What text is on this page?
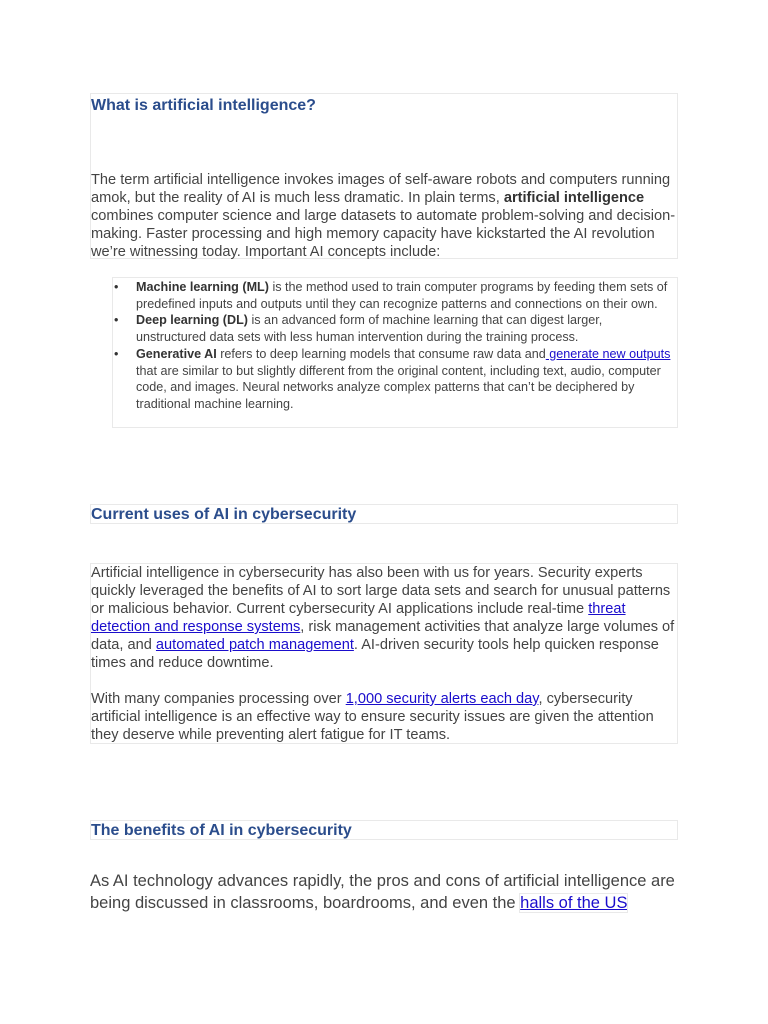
What is artificial intelligence?

The term artificial intelligence invokes images of self-aware robots and computers running amok, but the reality of AI is much less dramatic. In plain terms, artificial intelligence combines computer science and large datasets to automate problem-solving and decision-making. Faster processing and high memory capacity have kickstarted the AI revolution we’re witnessing today. Important AI concepts include:

• Machine learning (ML) is the method used to train computer programs by feeding them sets of predefined inputs and outputs until they can recognize patterns and connections on their own.
• Deep learning (DL) is an advanced form of machine learning that can digest larger, unstructured data sets with less human intervention during the training process.
• Generative AI refers to deep learning models that consume raw data and generate new outputs that are similar to but slightly different from the original content, including text, audio, computer code, and images. Neural networks analyze complex patterns that can’t be deciphered by traditional machine learning.
Current uses of AI in cybersecurity

Artificial intelligence in cybersecurity has also been with us for years. Security experts quickly leveraged the benefits of AI to sort large data sets and search for unusual patterns or malicious behavior. Current cybersecurity AI applications include real-time threat detection and response systems, risk management activities that analyze large volumes of data, and automated patch management. AI-driven security tools help quicken response times and reduce downtime.

With many companies processing over 1,000 security alerts each day, cybersecurity artificial intelligence is an effective way to ensure security issues are given the attention they deserve while preventing alert fatigue for IT teams.

The benefits of AI in cybersecurity

As AI technology advances rapidly, the pros and cons of artificial intelligence are being discussed in classrooms, boardrooms, and even the halls of the US
